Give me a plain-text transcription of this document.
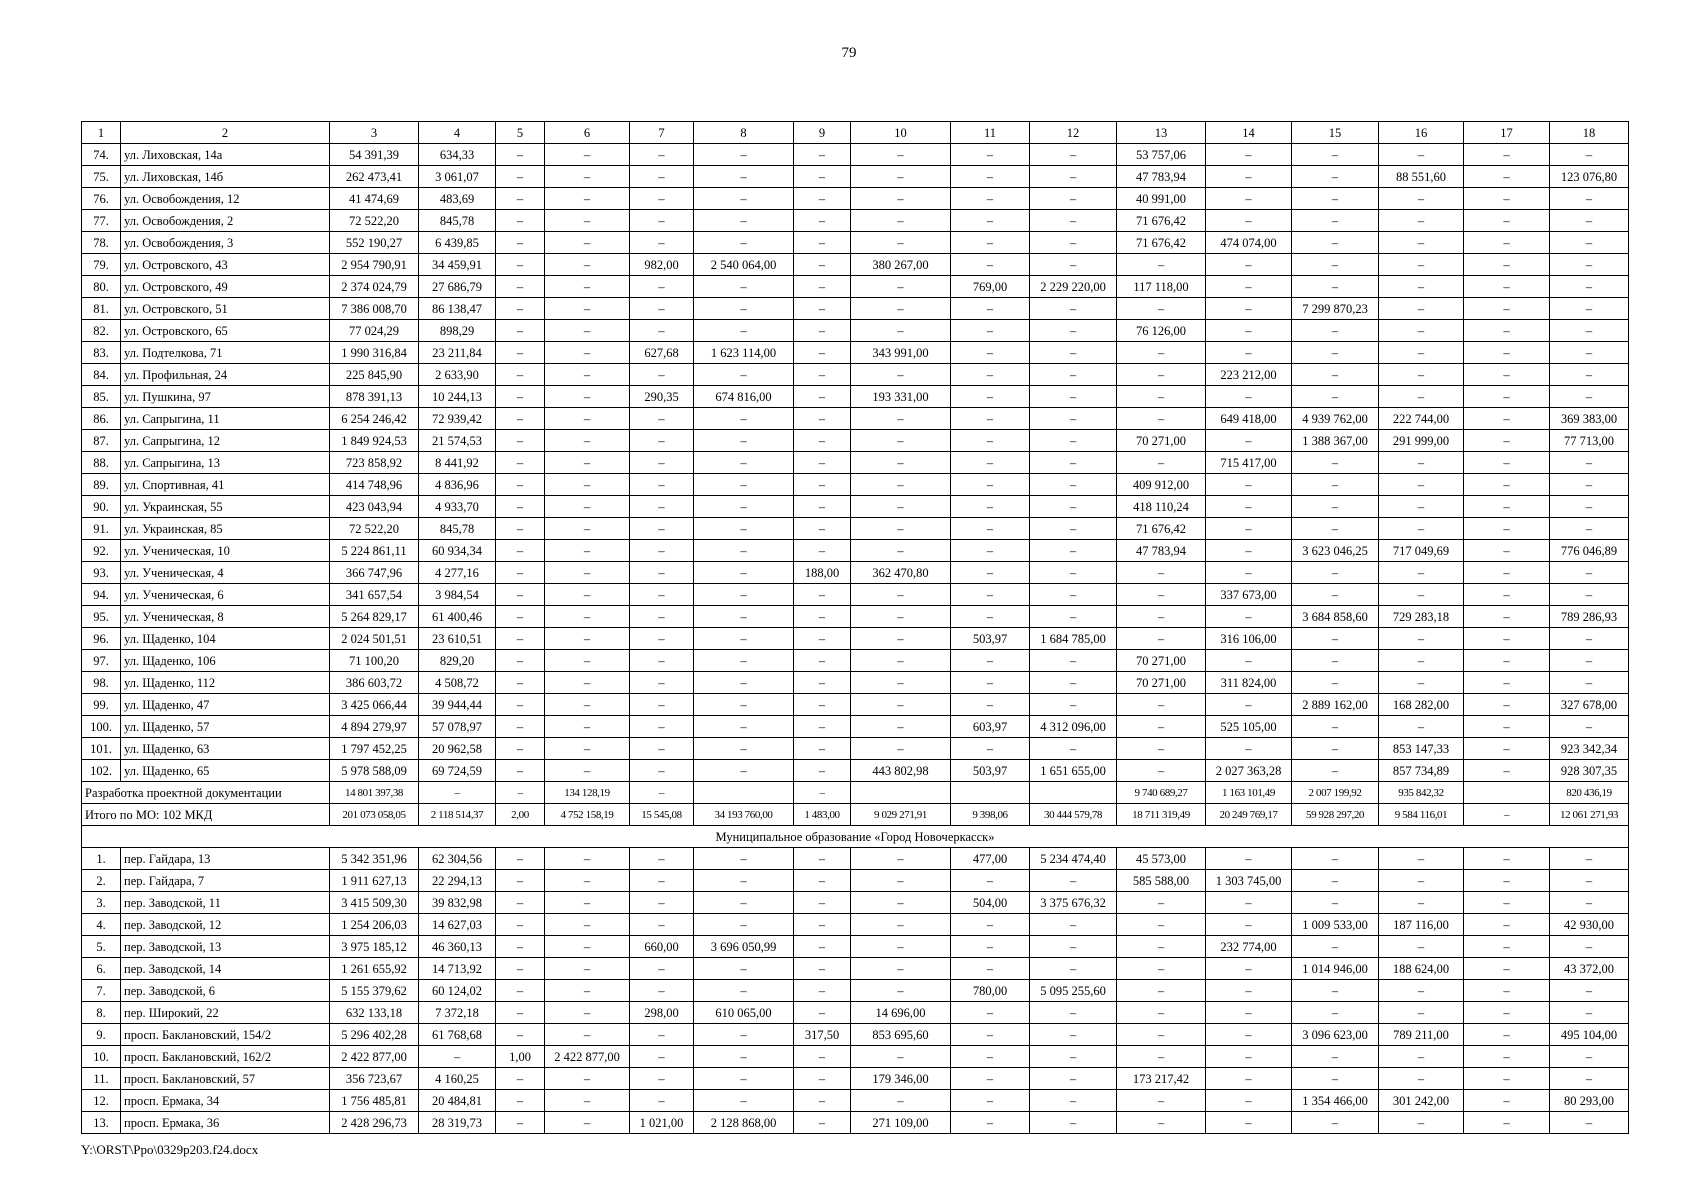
79
1	2	3	4	5	6	7	8	9	10	11	12	13	14	15	16	17	18
74.	ул. Лиховская, 14а	54 391,39	634,33	–	–	–	–	–	–	–	–	53 757,06	–	–	–	–	–
75.	ул. Лиховская, 14б	262 473,41	3 061,07	–	–	–	–	–	–	–	–	47 783,94	–	–	88 551,60	–	123 076,80
76.	ул. Освобождения, 12	41 474,69	483,69	–	–	–	–	–	–	–	–	40 991,00	–	–	–	–	–
77.	ул. Освобождения, 2	72 522,20	845,78	–	–	–	–	–	–	–	–	71 676,42	–	–	–	–	–
78.	ул. Освобождения, 3	552 190,27	6 439,85	–	–	–	–	–	–	–	–	71 676,42	474 074,00	–	–	–	–
79.	ул. Островского, 43	2 954 790,91	34 459,91	–	–	982,00	2 540 064,00	–	380 267,00	–	–	–	–	–	–	–	–
80.	ул. Островского, 49	2 374 024,79	27 686,79	–	–	–	–	–	–	769,00	2 229 220,00	117 118,00	–	–	–	–	–
81.	ул. Островского, 51	7 386 008,70	86 138,47	–	–	–	–	–	–	–	–	–	–	7 299 870,23	–	–	–
82.	ул. Островского, 65	77 024,29	898,29	–	–	–	–	–	–	–	–	76 126,00	–	–	–	–	–
83.	ул. Подтелкова, 71	1 990 316,84	23 211,84	–	–	627,68	1 623 114,00	–	343 991,00	–	–	–	–	–	–	–	–
84.	ул. Профильная, 24	225 845,90	2 633,90	–	–	–	–	–	–	–	–	–	223 212,00	–	–	–	–
85.	ул. Пушкина, 97	878 391,13	10 244,13	–	–	290,35	674 816,00	–	193 331,00	–	–	–	–	–	–	–	–
86.	ул. Сапрыгина, 11	6 254 246,42	72 939,42	–	–	–	–	–	–	–	–	–	649 418,00	4 939 762,00	222 744,00	–	369 383,00
87.	ул. Сапрыгина, 12	1 849 924,53	21 574,53	–	–	–	–	–	–	–	–	70 271,00	–	1 388 367,00	291 999,00	–	77 713,00
88.	ул. Сапрыгина, 13	723 858,92	8 441,92	–	–	–	–	–	–	–	–	–	715 417,00	–	–	–	–
89.	ул. Спортивная, 41	414 748,96	4 836,96	–	–	–	–	–	–	–	–	409 912,00	–	–	–	–	–
90.	ул. Украинская, 55	423 043,94	4 933,70	–	–	–	–	–	–	–	–	418 110,24	–	–	–	–	–
91.	ул. Украинская, 85	72 522,20	845,78	–	–	–	–	–	–	–	–	71 676,42	–	–	–	–	–
92.	ул. Ученическая, 10	5 224 861,11	60 934,34	–	–	–	–	–	–	–	–	47 783,94	–	3 623 046,25	717 049,69	–	776 046,89
93.	ул. Ученическая, 4	366 747,96	4 277,16	–	–	–	–	188,00	362 470,80	–	–	–	–	–	–	–	–
94.	ул. Ученическая, 6	341 657,54	3 984,54	–	–	–	–	–	–	–	–	–	337 673,00	–	–	–	–
95.	ул. Ученическая, 8	5 264 829,17	61 400,46	–	–	–	–	–	–	–	–	–	–	3 684 858,60	729 283,18	–	789 286,93
96.	ул. Щаденко, 104	2 024 501,51	23 610,51	–	–	–	–	–	–	503,97	1 684 785,00	–	316 106,00	–	–	–	–
97.	ул. Щаденко, 106	71 100,20	829,20	–	–	–	–	–	–	–	–	70 271,00	–	–	–	–	–
98.	ул. Щаденко, 112	386 603,72	4 508,72	–	–	–	–	–	–	–	–	70 271,00	311 824,00	–	–	–	–
99.	ул. Щаденко, 47	3 425 066,44	39 944,44	–	–	–	–	–	–	–	–	–	–	2 889 162,00	168 282,00	–	327 678,00
100.	ул. Щаденко, 57	4 894 279,97	57 078,97	–	–	–	–	–	–	603,97	4 312 096,00	–	525 105,00	–	–	–	–
101.	ул. Щаденко, 63	1 797 452,25	20 962,58	–	–	–	–	–	–	–	–	–	–	–	853 147,33	–	923 342,34
102.	ул. Щаденко, 65	5 978 588,09	69 724,59	–	–	–	–	–	443 802,98	503,97	1 651 655,00	–	2 027 363,28	–	857 734,89	–	928 307,35
Разработка проектной документации		14 801 397,38	–	–	134 128,19	–		–				9 740 689,27	1 163 101,49	2 007 199,92	935 842,32		820 436,19
Итого по МО: 102 МКД		201 073 058,05	2 118 514,37	2,00	4 752 158,19	15 545,08	34 193 760,00	1 483,00	9 029 271,91	9 398,06	30 444 579,78	18 711 319,49	20 249 769,17	59 928 297,20	9 584 116,01	–	12 061 271,93
Муниципальное образование «Город Новочеркасск»																	
1.	пер. Гайдара, 13	5 342 351,96	62 304,56	–	–	–	–	–	–	477,00	5 234 474,40	45 573,00	–	–	–	–	–
2.	пер. Гайдара, 7	1 911 627,13	22 294,13	–	–	–	–	–	–	–	–	585 588,00	1 303 745,00	–	–	–	–
3.	пер. Заводской, 11	3 415 509,30	39 832,98	–	–	–	–	–	–	504,00	3 375 676,32	–	–	–	–	–	–
4.	пер. Заводской, 12	1 254 206,03	14 627,03	–	–	–	–	–	–	–	–	–	–	1 009 533,00	187 116,00	–	42 930,00
5.	пер. Заводской, 13	3 975 185,12	46 360,13	–	–	660,00	3 696 050,99	–	–	–	–	–	232 774,00	–	–	–	–
6.	пер. Заводской, 14	1 261 655,92	14 713,92	–	–	–	–	–	–	–	–	–	–	1 014 946,00	188 624,00	–	43 372,00
7.	пер. Заводской, 6	5 155 379,62	60 124,02	–	–	–	–	–	–	780,00	5 095 255,60	–	–	–	–	–	–
8.	пер. Широкий, 22	632 133,18	7 372,18	–	–	298,00	610 065,00	–	14 696,00	–	–	–	–	–	–	–	–
9.	просп. Баклановский, 154/2	5 296 402,28	61 768,68	–	–	–	–	317,50	853 695,60	–	–	–	–	3 096 623,00	789 211,00	–	495 104,00
10.	просп. Баклановский, 162/2	2 422 877,00	–	1,00	2 422 877,00	–	–	–	–	–	–	–	–	–	–	–	–
11.	просп. Баклановский, 57	356 723,67	4 160,25	–	–	–	–	–	179 346,00	–	–	173 217,42	–	–	–	–	–
12.	просп. Ермака, 34	1 756 485,81	20 484,81	–	–	–	–	–	–	–	–	–	–	1 354 466,00	301 242,00	–	80 293,00
13.	просп. Ермака, 36	2 428 296,73	28 319,73	–	–	1 021,00	2 128 868,00	–	271 109,00	–	–	–	–	–	–	–	–
Y:\ORST\Ppo\0329p203.f24.docx
